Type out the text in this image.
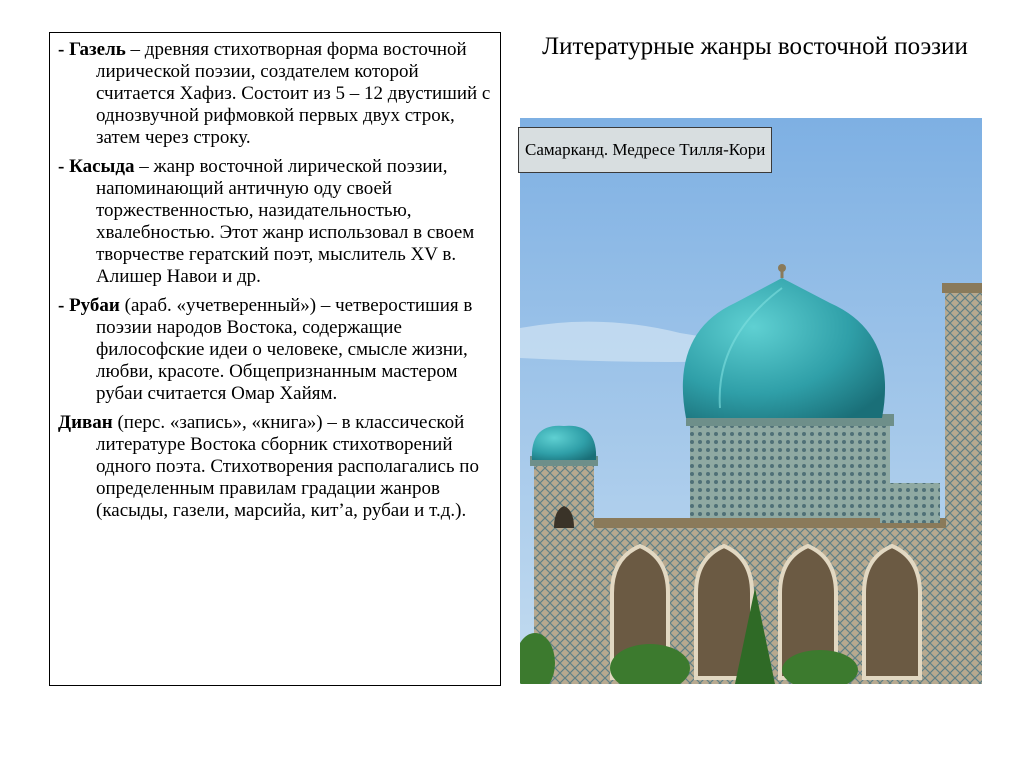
- Газель – древняя стихотворная форма восточной лирической поэзии, создателем которой считается Хафиз. Состоит из 5 – 12 двустиший с однозвучной рифмовкой первых двух строк, затем через строку.

- Касыда – жанр восточной лирической поэзии, напоминающий античную оду своей торжественностью, назидательностью, хвалебностью. Этот жанр использовал в своем творчестве гератский поэт, мыслитель XV в. Алишер Навои и др.

- Рубаи (араб. «учетверенный») – четверостишия в поэзии народов Востока, содержащие философские идеи о человеке, смысле жизни, любви, красоте. Общепризнанным мастером рубаи считается Омар Хайям.

Диван (перс. «запись», «книга») – в классической литературе Востока сборник стихотворений одного поэта. Стихотворения располагались по определенным правилам градации жанров (касыды, газели, марсийа, кит’а, рубаи и т.д.).

Литературные жанры восточной поэзии
Самарканд. Медресе Тилля-Кори
